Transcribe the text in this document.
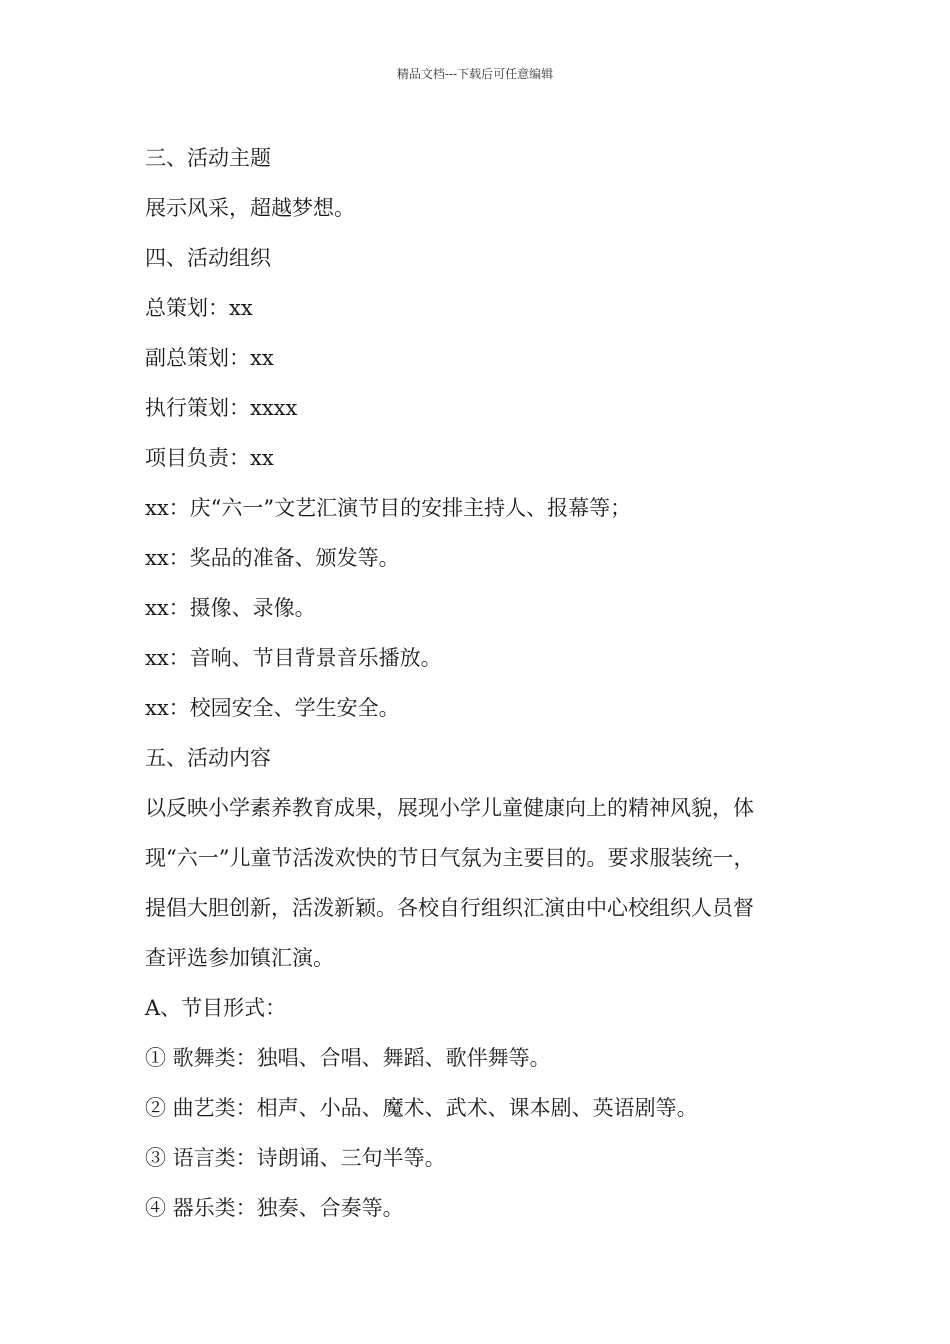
精品文档---下载后可任意编辑
三、活动主题
展示风采，超越梦想。
四、活动组织
总策划：xx
副总策划：xx
执行策划：xxxx
项目负责：xx
xx：庆“六一”文艺汇演节目的安排主持人、报幕等；
xx：奖品的准备、颁发等。
xx：摄像、录像。
xx：音响、节目背景音乐播放。
xx：校园安全、学生安全。
五、活动内容
以反映小学素养教育成果，展现小学儿童健康向上的精神风貌，体
现“六一”儿童节活泼欢快的节日气氛为主要目的。要求服装统一，
提倡大胆创新，活泼新颖。各校自行组织汇演由中心校组织人员督
查评选参加镇汇演。
A、节目形式：
① 歌舞类：独唱、合唱、舞蹈、歌伴舞等。
② 曲艺类：相声、小品、魔术、武术、课本剧、英语剧等。
③ 语言类：诗朗诵、三句半等。
④ 器乐类：独奏、合奏等。
